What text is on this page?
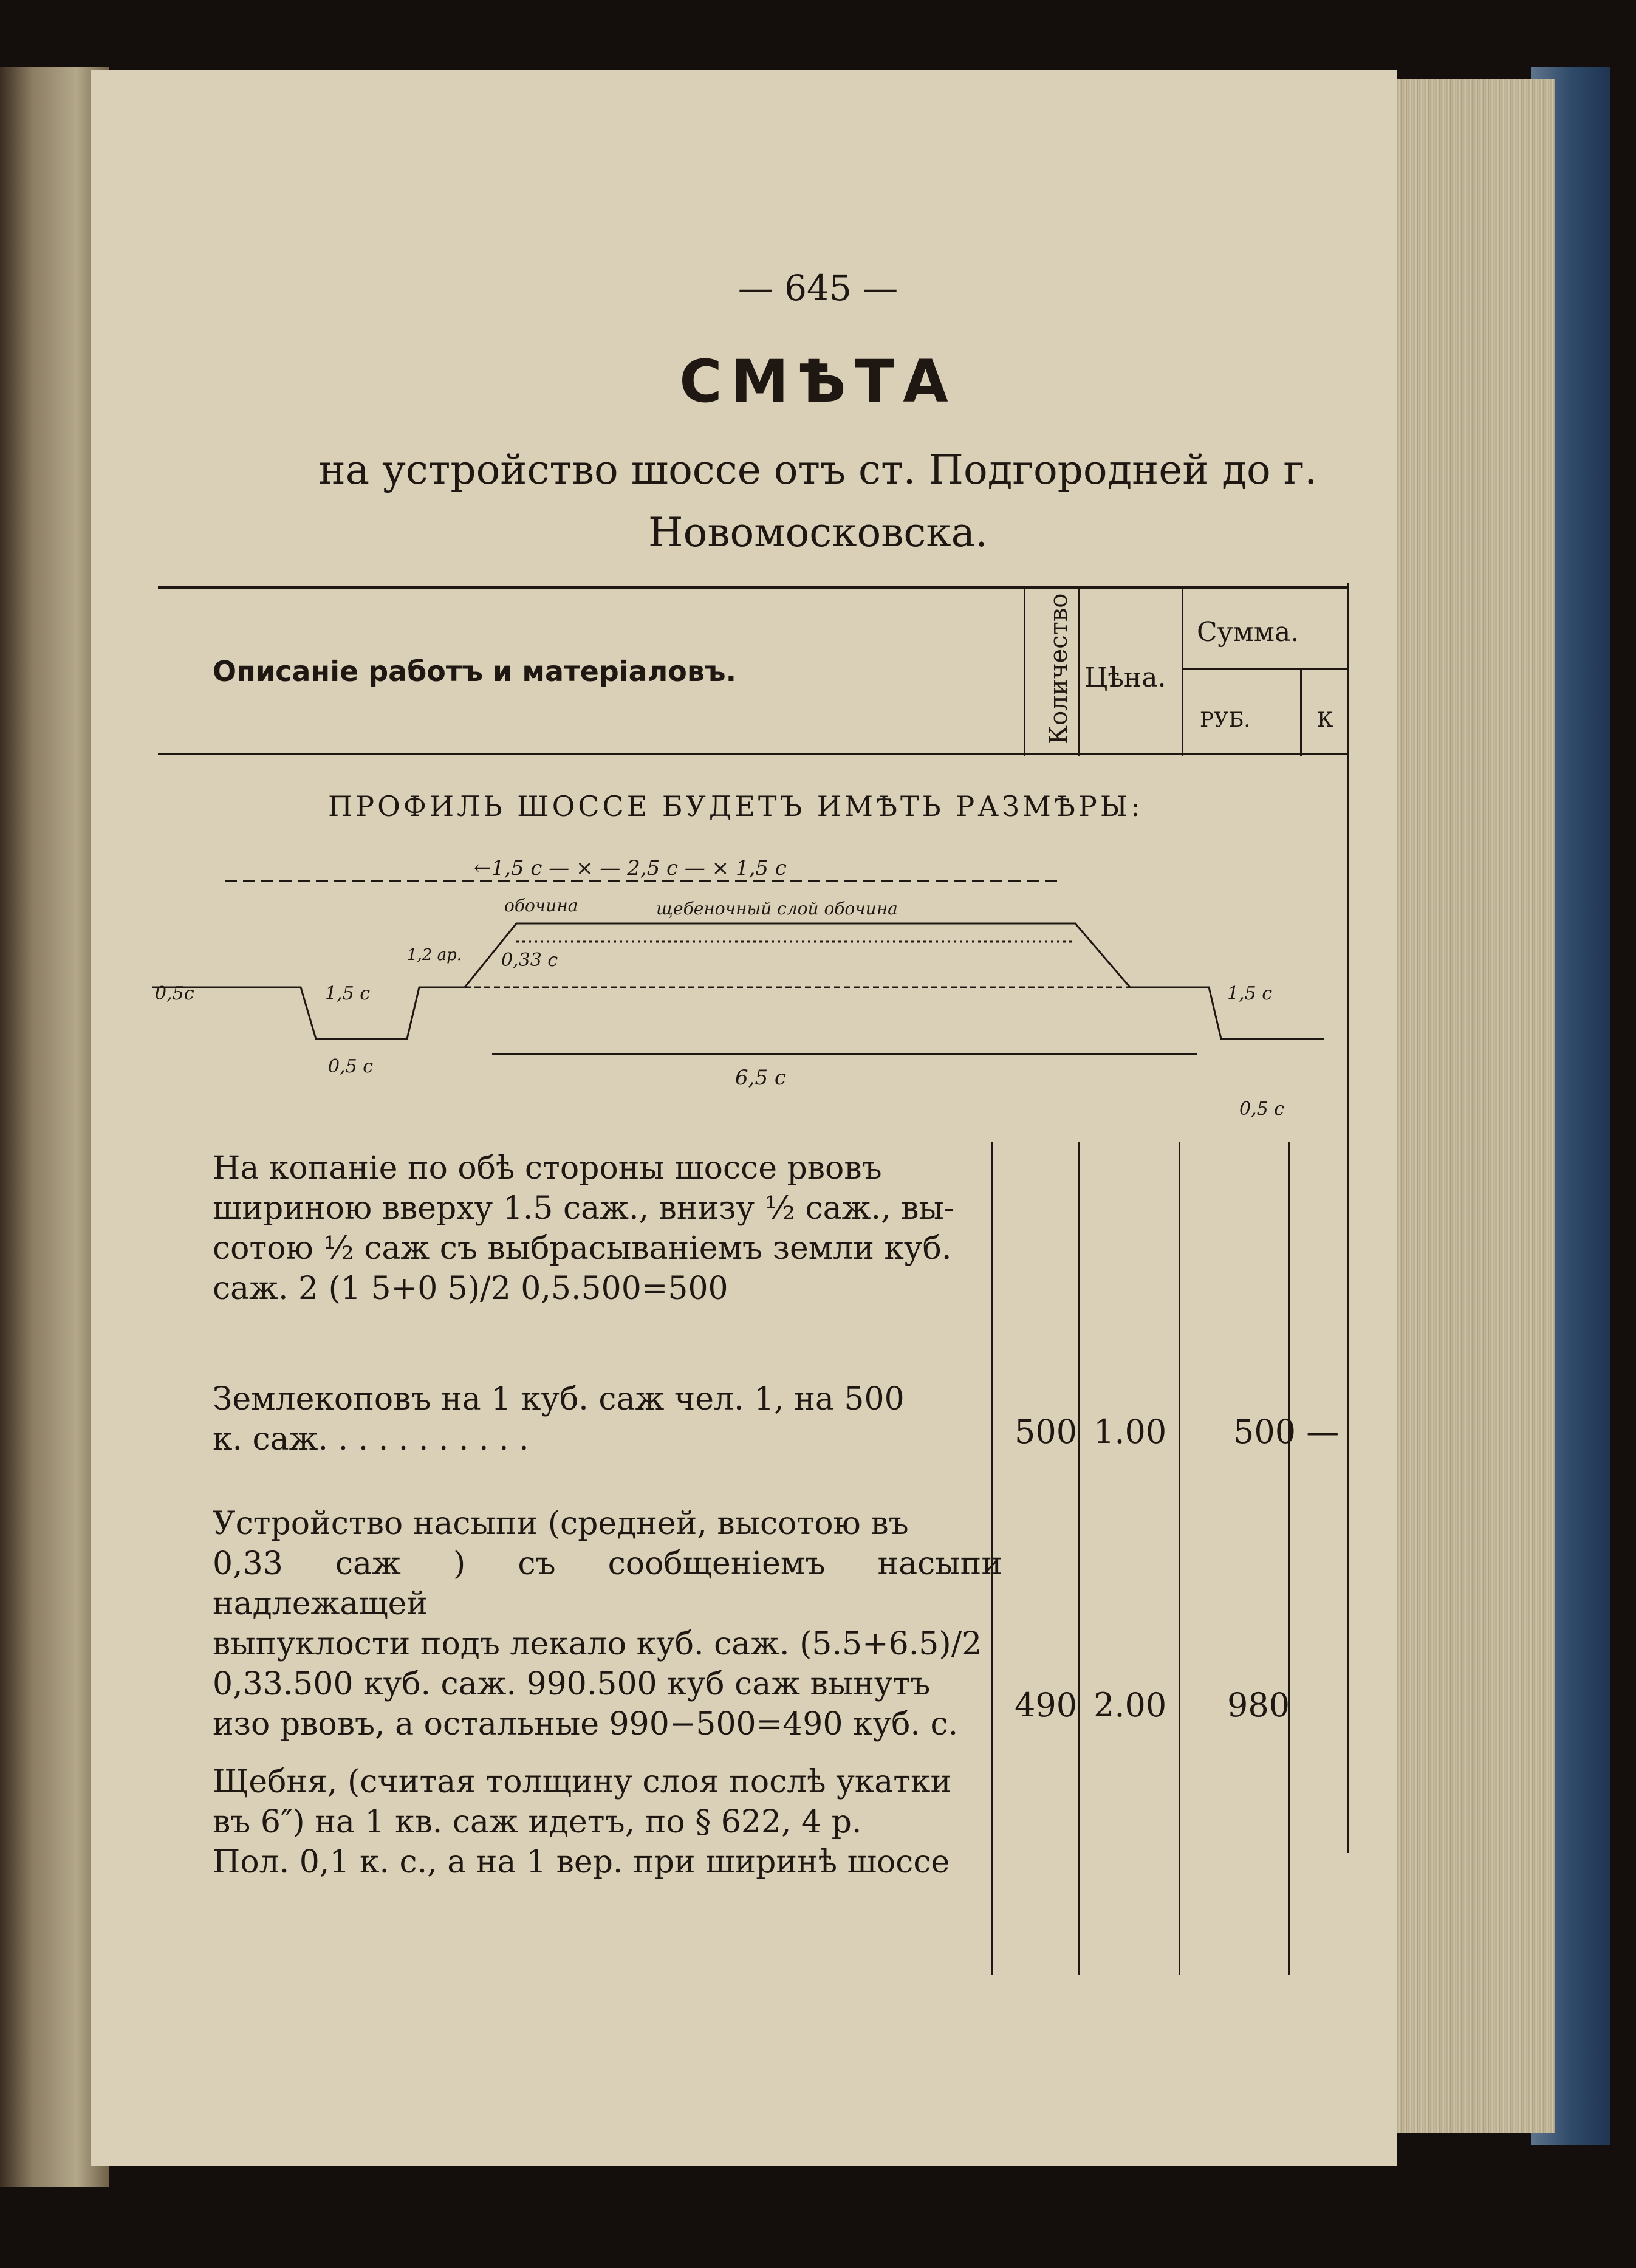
— 645 —
СМѢТА
на устройство шоссе отъ ст. Подгородней до г.
Новомосковска.
Описаніе работъ и матеріаловъ.	Количество Цѣна.
Сумма.
РУБ.	К
ПРОФИЛЬ ШОССЕ БУДЕТЪ ИМѢТЬ РАЗМѢРЫ:
←1,5 с — × — 2,5 с — × 1,5 с
обочина	щебеночный слой обочина
1,2 ар. 0,33 с
0,5с	1,5 с	1,5 с
0,5 с	6,5 с
0,5 с
На копаніе по обѣ стороны шоссе рвовъ
шириною вверху 1.5 саж., внизу ½ саж., вы-
сотою ½ саж съ выбрасываніемъ земли куб.
саж. 2 (1 5+0 5)/2 0,5.500=500
Землекоповъ на 1 куб. саж чел. 1, на 500
к. саж. . . . . . . . . . .	500 1.00 500 —
Устройство насыпи (средней, высотою въ
0,33 саж ) съ сообщеніемъ насыпи надлежащей
выпуклости подъ лекало куб. саж. (5.5+6.5)/2
0,33.500 куб. саж. 990.500 куб саж вынутъ
изо рвовъ, а остальные 990−500=490 куб. с.	490 2.00 980
Щебня, (считая толщину слоя послѣ укатки
въ 6″) на 1 кв. саж идетъ, по § 622, 4 р.
Пол. 0,1 к. с., а на 1 вер. при ширинѣ шоссе
